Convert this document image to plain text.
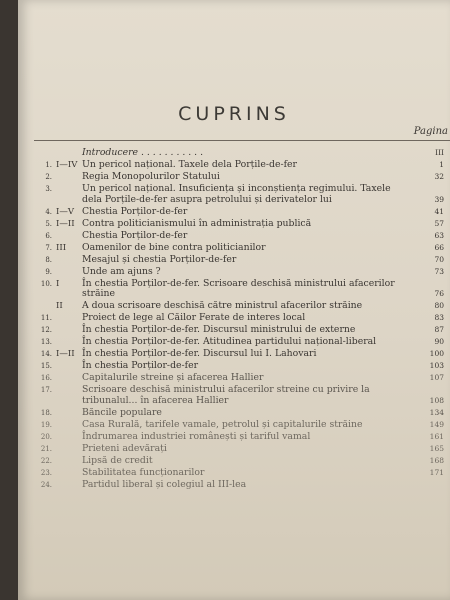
CUPRINS
Pagina
Introducere . . . . . . . . . . .	III
1. I—IV Un pericol național. Taxele dela Porțile-de-fer	1
2.	Regia Monopolurilor Statului	32
3.	Un pericol național. Insuficiența și inconștiența regimului. Taxele dela Porțile-de-fer asupra petrolului și derivatelor lui	39
4. I—V Chestia Porților-de-fer	41
5. I—II Contra politicianismului în administrația publică	57
6.	Chestia Porților-de-fer	63
7. III	Oamenilor de bine contra politicianilor	66
8.	Mesajul și chestia Porților-de-fer	70
9.	Unde am ajuns ?	73
10. I	În chestia Porților-de-fer. Scrisoare deschisă ministrului afacerilor străine	76
II	A doua scrisoare deschisă către ministrul afacerilor străine	80
11.	Proiect de lege al Căilor Ferate de interes local	83
12.	În chestia Porților-de-fer. Discursul ministrului de externe	87
13.	În chestia Porților-de-fer. Atitudinea partidului național-liberal	90
14. I—II În chestia Porților-de-fer. Discursul lui I. Lahovari	100
15.	În chestia Porților-de-fer	103
16.	Capitalurile streine și afacerea Hallier	107
17.	Scrisoare deschisă ministrului afacerilor streine cu privire la tribunalul... în afacerea Hallier	108
18.	Băncile populare	134
19.	Casa Rurală, tarifele vamale, petrolul și capitalurile străine	149
20.	Îndrumarea industriei românești și tariful vamal	161
21.	Prieteni adevărați	165
22.	Lipsă de credit	168
23.	Stabilitatea funcționarilor	171
24.	Partidul liberal și colegiul al III-lea
